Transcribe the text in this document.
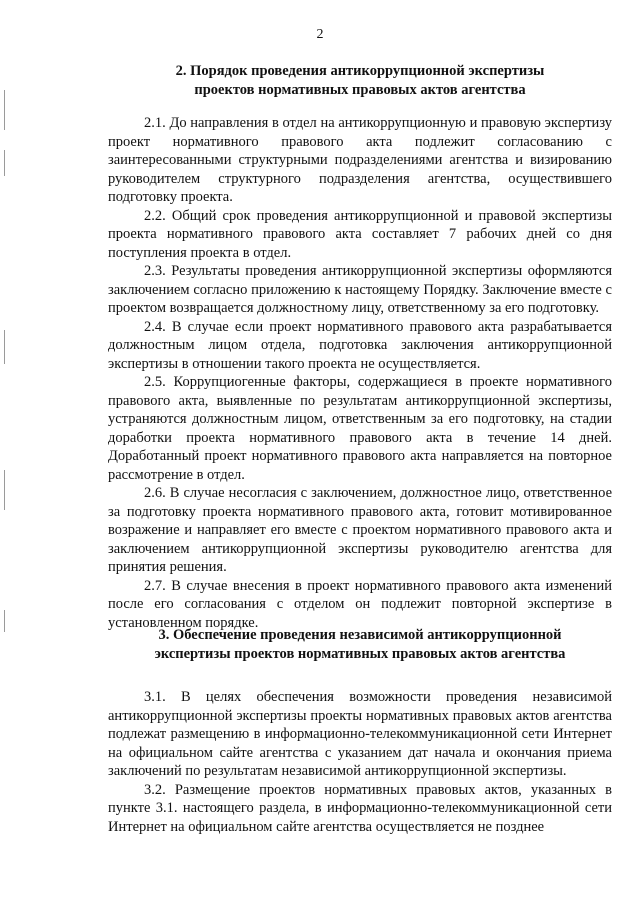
2
2. Порядок проведения антикоррупционной экспертизы
проектов нормативных правовых актов агентства

2.1. До направления в отдел на антикоррупционную и правовую экспертизу проект нормативного правового акта подлежит согласованию с заинтересованными структурными подразделениями агентства и визированию руководителем структурного подразделения агентства, осуществившего подготовку проекта.

2.2. Общий срок проведения антикоррупционной и правовой экспертизы проекта нормативного правового акта составляет 7 рабочих дней со дня поступления проекта в отдел.

2.3. Результаты проведения антикоррупционной экспертизы оформляются заключением согласно приложению к настоящему Порядку. Заключение вместе с проектом возвращается должностному лицу, ответственному за его подготовку.

2.4. В случае если проект нормативного правового акта разрабатывается должностным лицом отдела, подготовка заключения антикоррупционной экспертизы в отношении такого проекта не осуществляется.

2.5. Коррупциогенные факторы, содержащиеся в проекте нормативного правового акта, выявленные по результатам антикоррупционной экспертизы, устраняются должностным лицом, ответственным за его подготовку, на стадии доработки проекта нормативного правового акта в течение 14 дней. Доработанный проект нормативного правового акта направляется на повторное рассмотрение в отдел.

2.6. В случае несогласия с заключением, должностное лицо, ответственное за подготовку проекта нормативного правового акта, готовит мотивированное возражение и направляет его вместе с проектом нормативного правового акта и заключением антикоррупционной экспертизы руководителю агентства для принятия решения.

2.7. В случае внесения в проект нормативного правового акта изменений после его согласования с отделом он подлежит повторной экспертизе в установленном порядке.

3. Обеспечение проведения независимой антикоррупционной
экспертизы проектов нормативных правовых актов агентства

3.1. В целях обеспечения возможности проведения независимой антикоррупционной экспертизы проекты нормативных правовых актов агентства подлежат размещению в информационно-телекоммуникационной сети Интернет на официальном сайте агентства с указанием дат начала и окончания приема заключений по результатам независимой антикоррупционной экспертизы.

3.2. Размещение проектов нормативных правовых актов, указанных в пункте 3.1. настоящего раздела, в информационно-телекоммуникационной сети Интернет на официальном сайте агентства осуществляется не позднее
